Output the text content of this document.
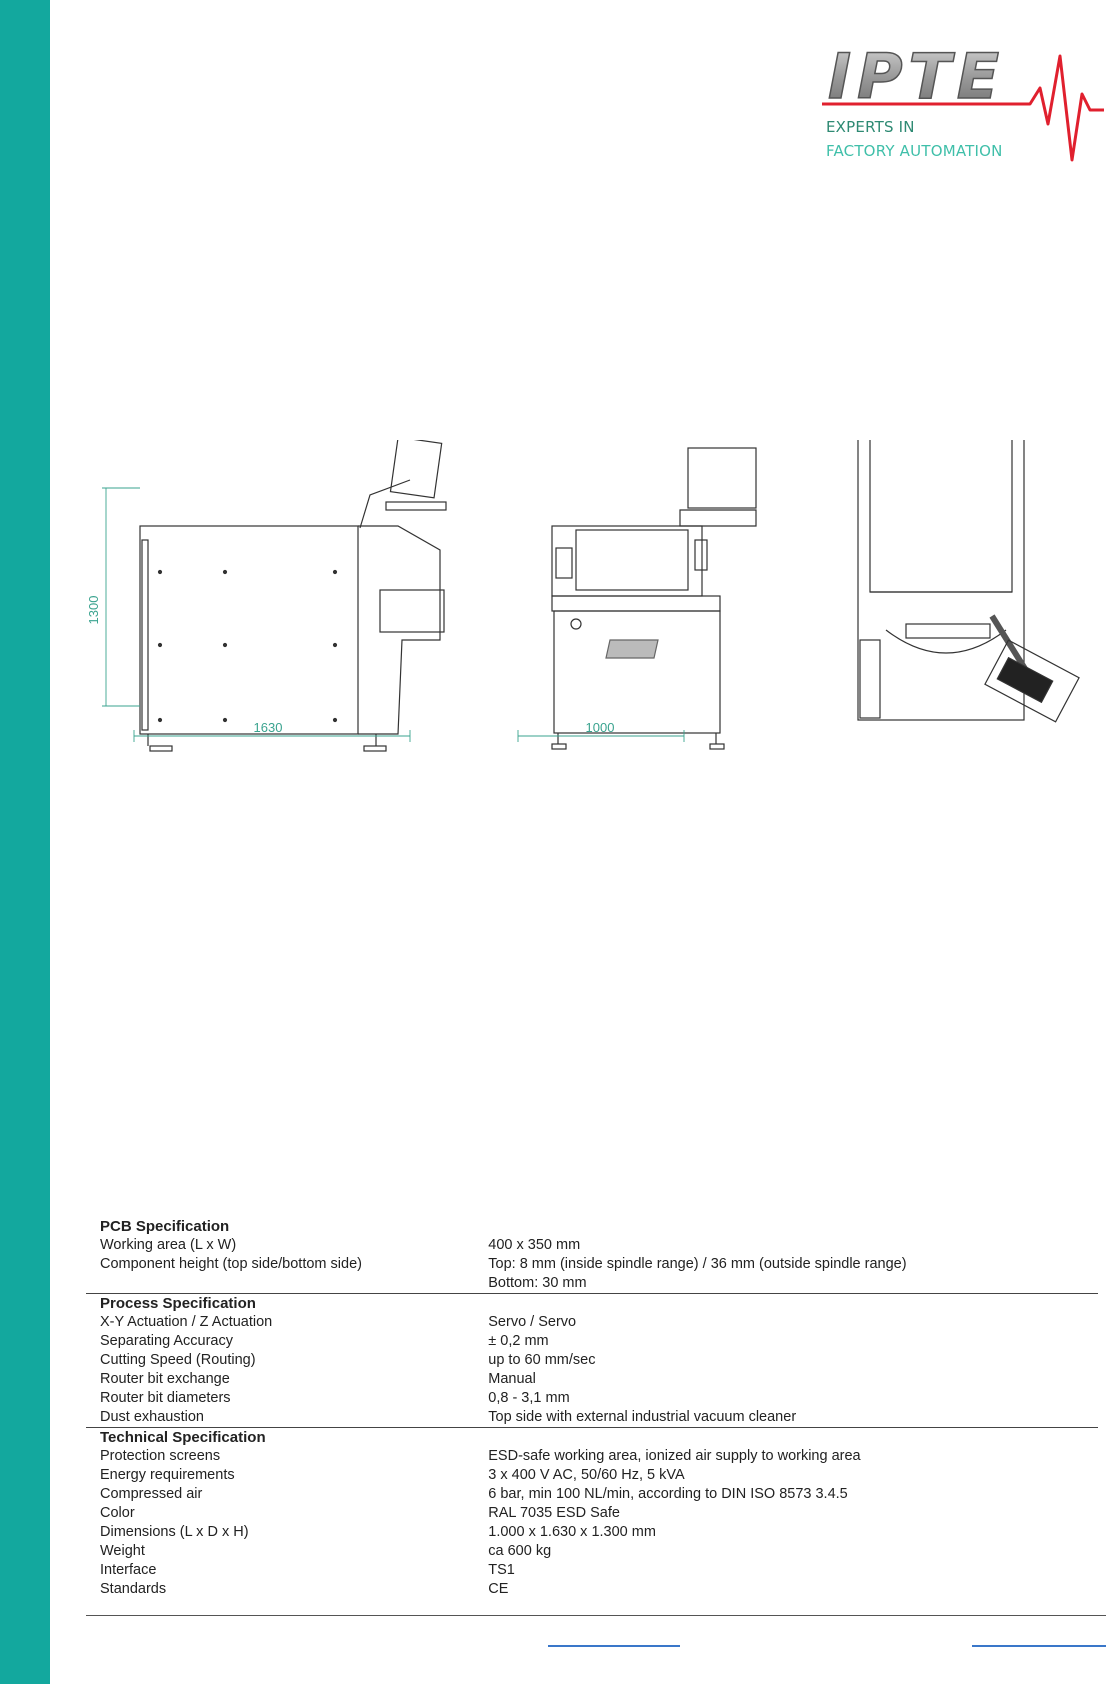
IPTE
EXPERTS IN
FACTORY AUTOMATION
1300
1630	1000
PCB Specification	
Working area (L x W)	400 x 350 mm
Component height (top side/bottom side)	Top: 8 mm (inside spindle range) / 36 mm (outside spindle range)
	Bottom: 30 mm
Process Specification	
X-Y Actuation / Z Actuation	Servo / Servo
Separating Accuracy	± 0,2 mm
Cutting Speed (Routing)	up to 60 mm/sec
Router bit exchange	Manual
Router bit diameters	0,8 - 3,1 mm
Dust exhaustion	Top side with external industrial vacuum cleaner
Technical Specification	
Protection screens	ESD-safe working area, ionized air supply to working area
Energy requirements	3 x 400 V AC, 50/60 Hz, 5 kVA
Compressed air	6 bar, min 100 NL/min, according to DIN ISO 8573 3.4.5
Color	RAL 7035 ESD Safe
Dimensions (L x D x H)	1.000 x 1.630 x 1.300 mm
Weight	ca 600 kg
Interface	TS1
Standards	CE
